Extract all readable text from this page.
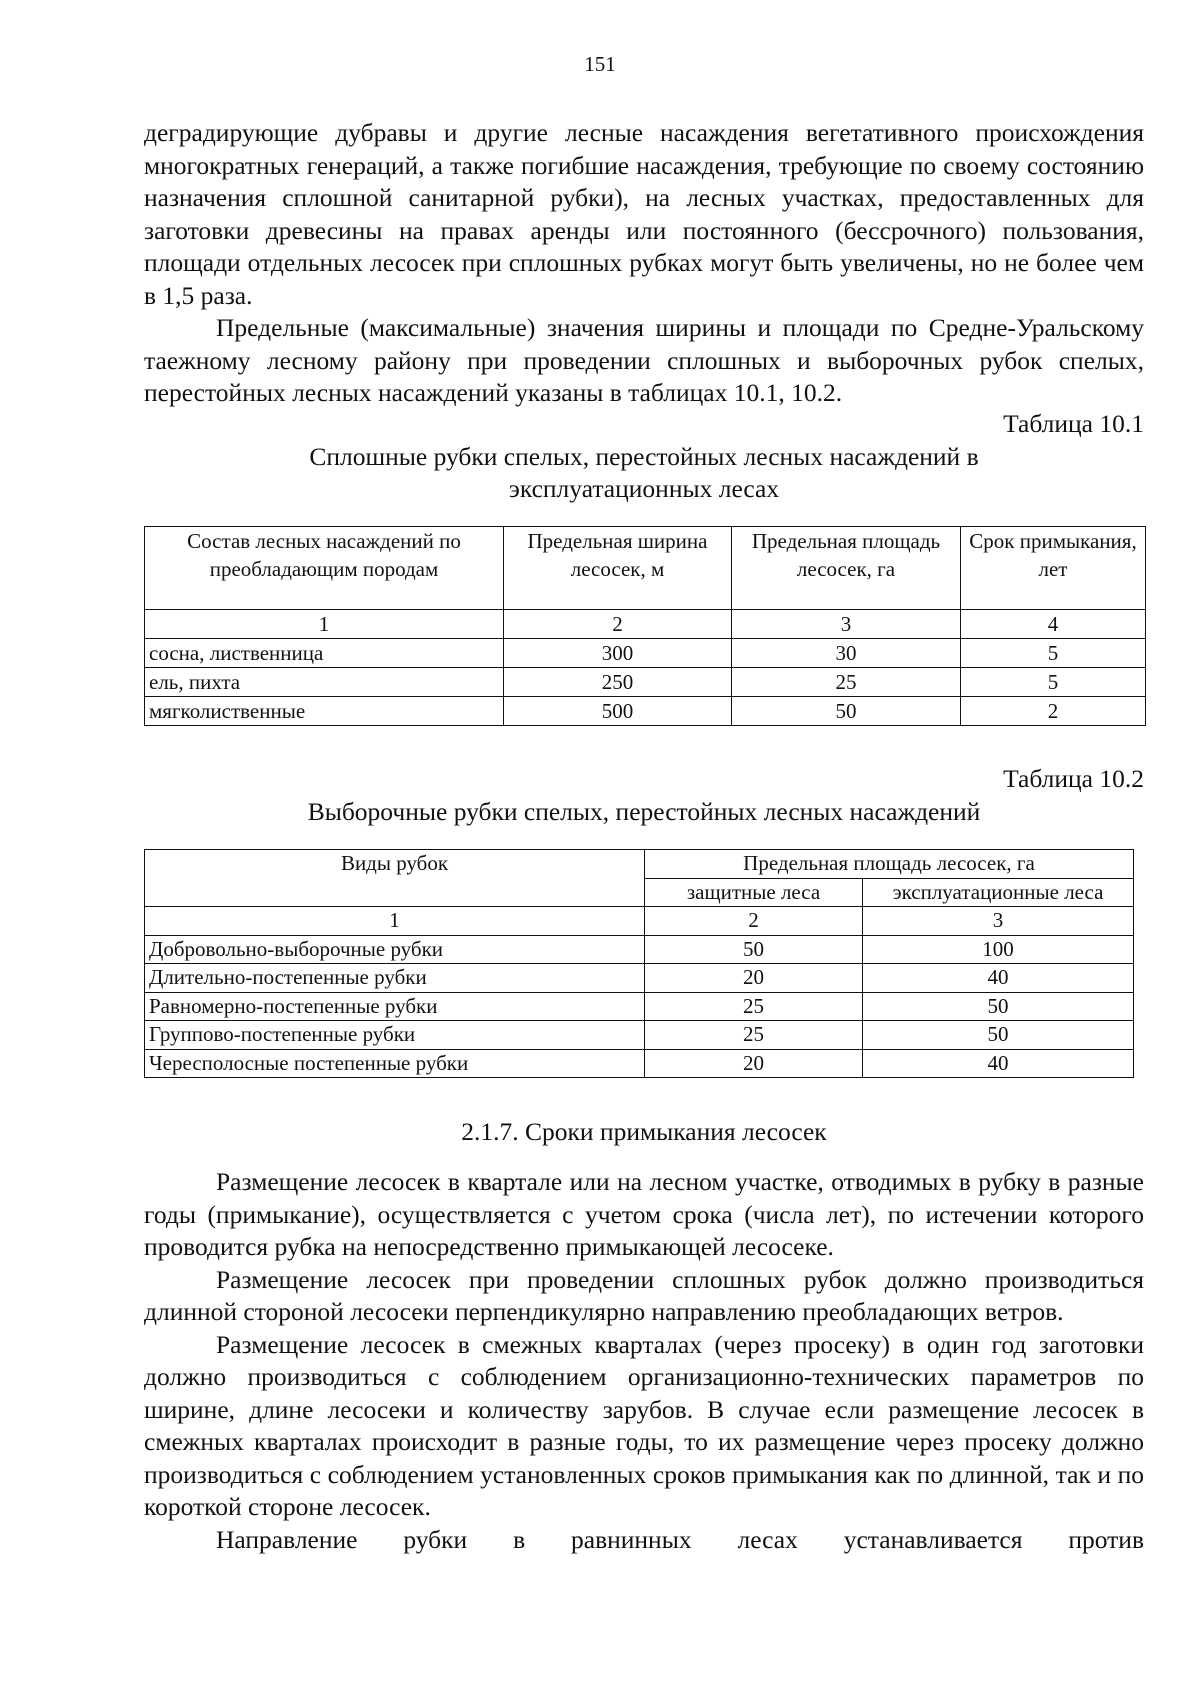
151

деградирующие дубравы и другие лесные насаждения вегетативного происхождения многократных генераций, а также погибшие насаждения, требующие по своему состоянию назначения сплошной санитарной рубки), на лесных участках, предоставленных для заготовки древесины на правах аренды или постоянного (бессрочного) пользования, площади отдельных лесосек при сплошных рубках могут быть увеличены, но не более чем в 1,5 раза.

Предельные (максимальные) значения ширины и площади по Средне-Уральскому таежному лесному району при проведении сплошных и выборочных рубок спелых, перестойных лесных насаждений указаны в таблицах 10.1, 10.2.

Таблица 10.1
Сплошные рубки спелых, перестойных лесных насаждений в
эксплуатационных лесах
Состав лесных насаждений по преобладающим породам	Предельная ширина лесосек, м	Предельная площадь лесосек, га	Срок примыкания, лет
1	2	3	4
сосна, лиственница	300	30	5
ель, пихта	250	25	5
мягколиственные	500	50	2
Таблица 10.2
Выборочные рубки спелых, перестойных лесных насаждений
Виды рубок	Предельная площадь лесосек, га	
	защитные леса	эксплуатационные леса
1	2	3
Добровольно-выборочные рубки	50	100
Длительно-постепенные рубки	20	40
Равномерно-постепенные рубки	25	50
Группово-постепенные рубки	25	50
Чересполосные постепенные рубки	20	40
2.1.7. Сроки примыкания лесосек

Размещение лесосек в квартале или на лесном участке, отводимых в рубку в разные годы (примыкание), осуществляется с учетом срока (числа лет), по истечении которого проводится рубка на непосредственно примыкающей лесосеке.

Размещение лесосек при проведении сплошных рубок должно производиться длинной стороной лесосеки перпендикулярно направлению преобладающих ветров.

Размещение лесосек в смежных кварталах (через просеку) в один год заготовки должно производиться с соблюдением организационно-технических параметров по ширине, длине лесосеки и количеству зарубов. В случае если размещение лесосек в смежных кварталах происходит в разные годы, то их размещение через просеку должно производиться с соблюдением установленных сроков примыкания как по длинной, так и по короткой стороне лесосек.

Направление рубки в равнинных лесах устанавливается против
